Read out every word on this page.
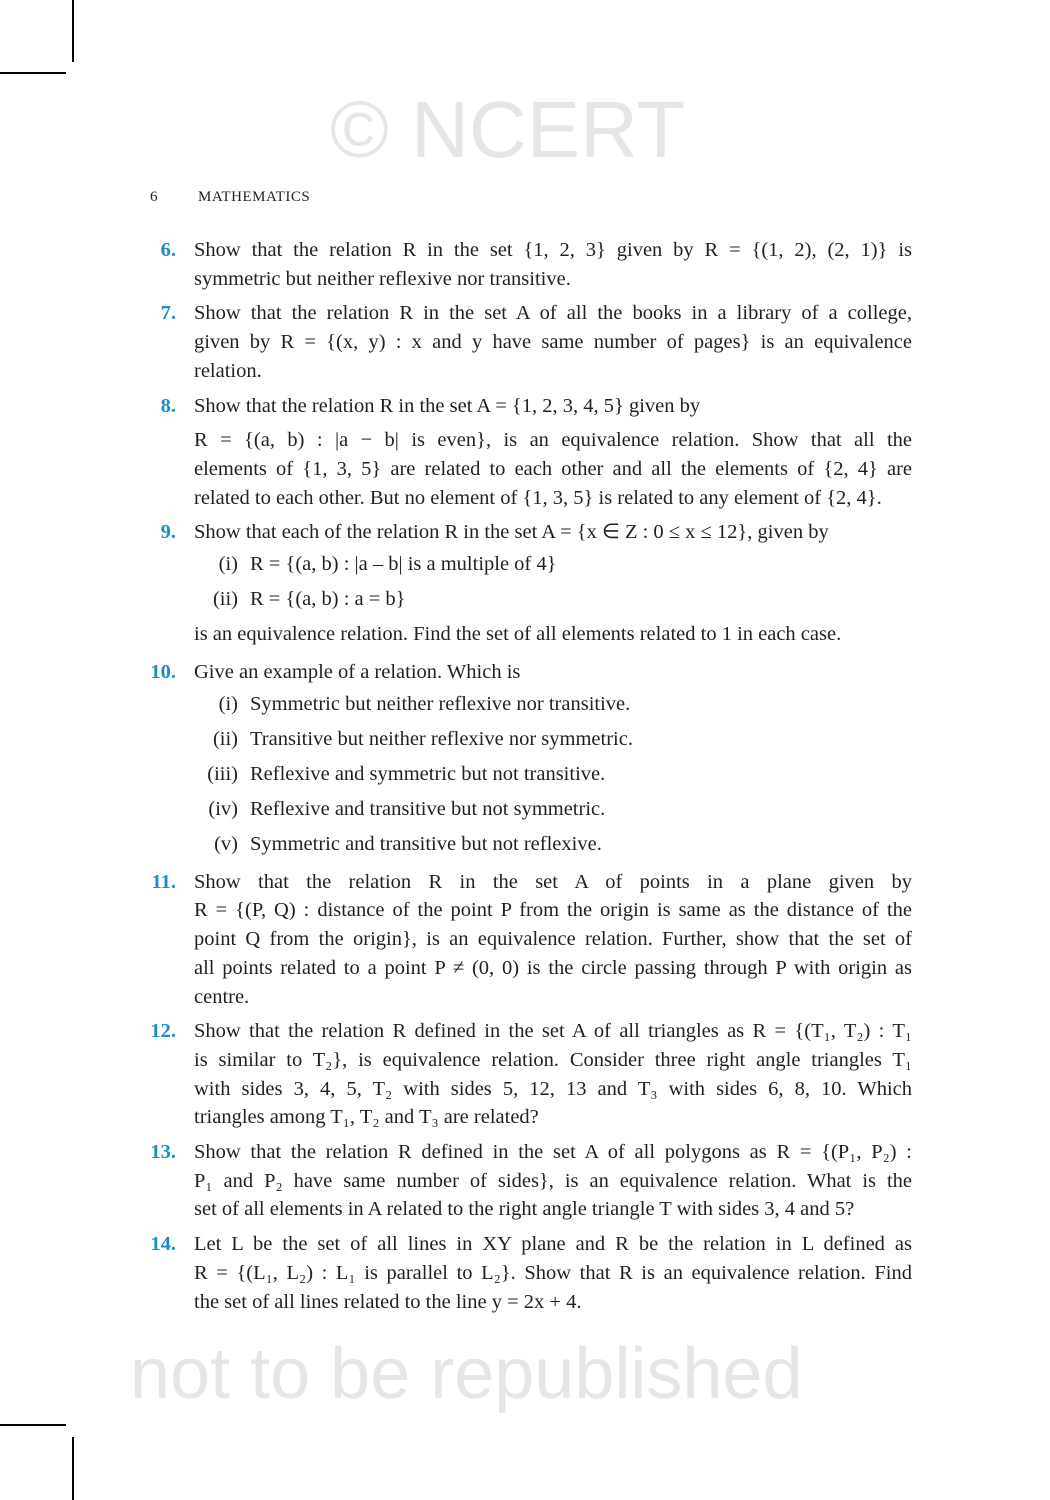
© NCERT
not to be republished
6	MATHEMATICS
6. Show that the relation R in the set {1, 2, 3} given by R = {(1, 2), (2, 1)} is
symmetric but neither reflexive nor transitive.
7. Show that the relation R in the set A of all the books in a library of a college,
given by R = {(x, y) : x and y have same number of pages} is an equivalence
relation.
8. Show that the relation R in the set A = {1, 2, 3, 4, 5} given by
R = {(a, b) : |a − b| is even}, is an equivalence relation. Show that all the
elements of {1, 3, 5} are related to each other and all the elements of {2, 4} are
related to each other. But no element of {1, 3, 5} is related to any element of {2, 4}.
9. Show that each of the relation R in the set A = {x ∈ Z : 0 ≤ x ≤ 12}, given by
(i) R = {(a, b) : |a – b| is a multiple of 4}
(ii) R = {(a, b) : a = b}
is an equivalence relation. Find the set of all elements related to 1 in each case.
10. Give an example of a relation. Which is
(i) Symmetric but neither reflexive nor transitive.
(ii) Transitive but neither reflexive nor symmetric.
(iii) Reflexive and symmetric but not transitive.
(iv) Reflexive and transitive but not symmetric.
(v) Symmetric and transitive but not reflexive.
11. Show that the relation R in the set A of points in a plane given by
R = {(P, Q) : distance of the point P from the origin is same as the distance of the
point Q from the origin}, is an equivalence relation. Further, show that the set of
all points related to a point P ≠ (0, 0) is the circle passing through P with origin as
centre.
12. Show that the relation R defined in the set A of all triangles as R = {(T₁, T₂) : T₁
is similar to T₂}, is equivalence relation. Consider three right angle triangles T₁
with sides 3, 4, 5, T₂ with sides 5, 12, 13 and T₃ with sides 6, 8, 10. Which
triangles among T₁, T₂ and T₃ are related?
13. Show that the relation R defined in the set A of all polygons as R = {(P₁, P₂) :
P₁ and P₂ have same number of sides}, is an equivalence relation. What is the
set of all elements in A related to the right angle triangle T with sides 3, 4 and 5?
14. Let L be the set of all lines in XY plane and R be the relation in L defined as
R = {(L₁, L₂) : L₁ is parallel to L₂}. Show that R is an equivalence relation. Find
the set of all lines related to the line y = 2x + 4.
